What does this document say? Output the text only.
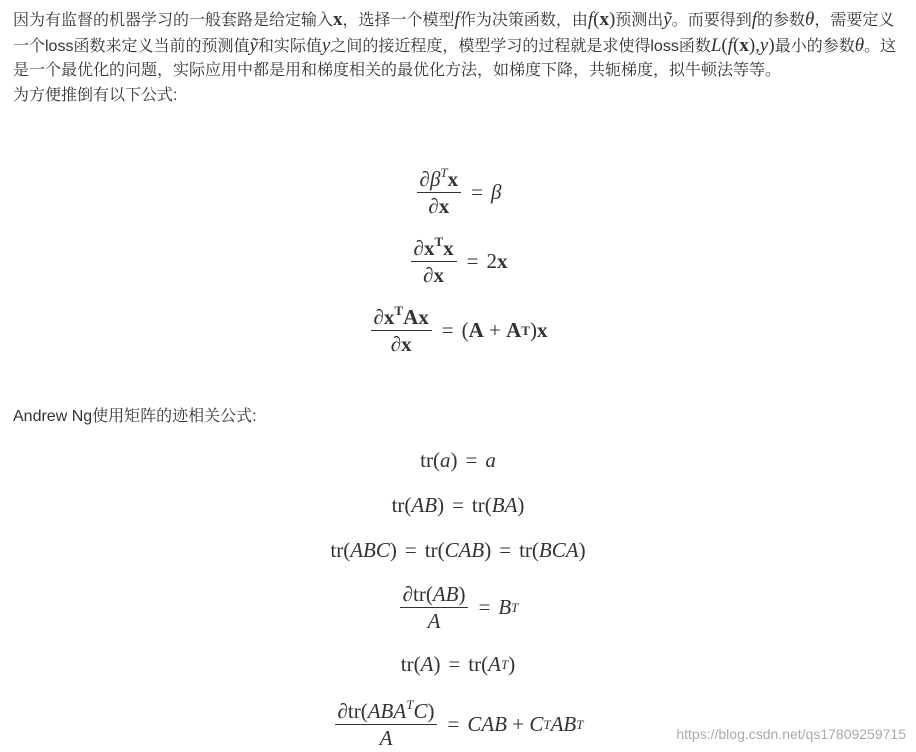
因为有监督的机器学习的一般套路是给定输入x，选择一个模型f作为决策函数，由f(x)预测出ỹ。而要得到f的参数θ，需要定义一个loss函数来定义当前的预测值ỹ和实际值y之间的接近程度，模型学习的过程就是求使得loss函数L(f(x),y)最小的参数θ。这是一个最优化的问题，实际应用中都是用和梯度相关的最优化方法，如梯度下降，共轭梯度，拟牛顿法等等。

为方便推倒有以下公式:

$\frac{\partial\beta^Tx}{\partial x} = \beta$
$\frac{\partial x^Tx}{\partial x} = 2$ x
$\frac{\partial x^TAx}{\partial x}$ = ( A + A T ) x

Andrew Ng使用矩阵的迹相关公式:

tr( a ) = a
tr( AB ) = tr( BA )
tr( ABC ) = tr( CAB ) = tr( BCA )
$\frac{\partial tr(AB)}{A} = B$ T
tr( A ) = tr( A T )
$\frac{\partial tr(ABA^TC)}{A}$ = CAB + C T AB T
https://blog.csdn.net/qs17809259715
